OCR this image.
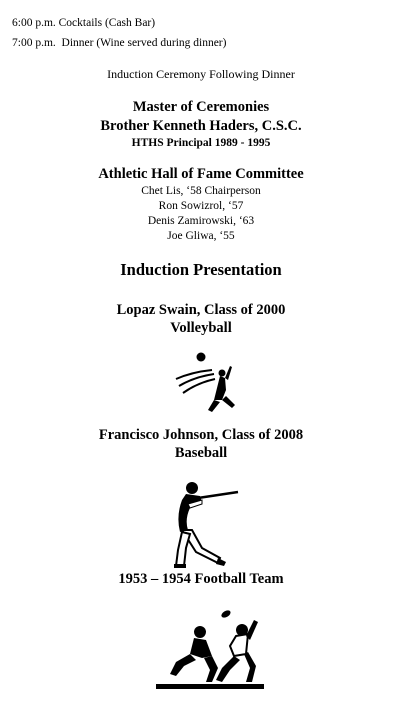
6:00 p.m. Cocktails (Cash Bar)
7:00 p.m.  Dinner (Wine served during dinner)
Induction Ceremony Following Dinner
Master of Ceremonies
Brother Kenneth Haders, C.S.C.
HTHS Principal 1989 - 1995
Athletic Hall of Fame Committee
Chet Lis, ‘58 Chairperson
Ron Sowizrol, ‘57
Denis Zamirowski, ‘63
Joe Gliwa, ‘55
Induction Presentation
Lopaz Swain, Class of 2000
Volleyball
Francisco Johnson, Class of 2008
Baseball
1953 – 1954 Football Team
